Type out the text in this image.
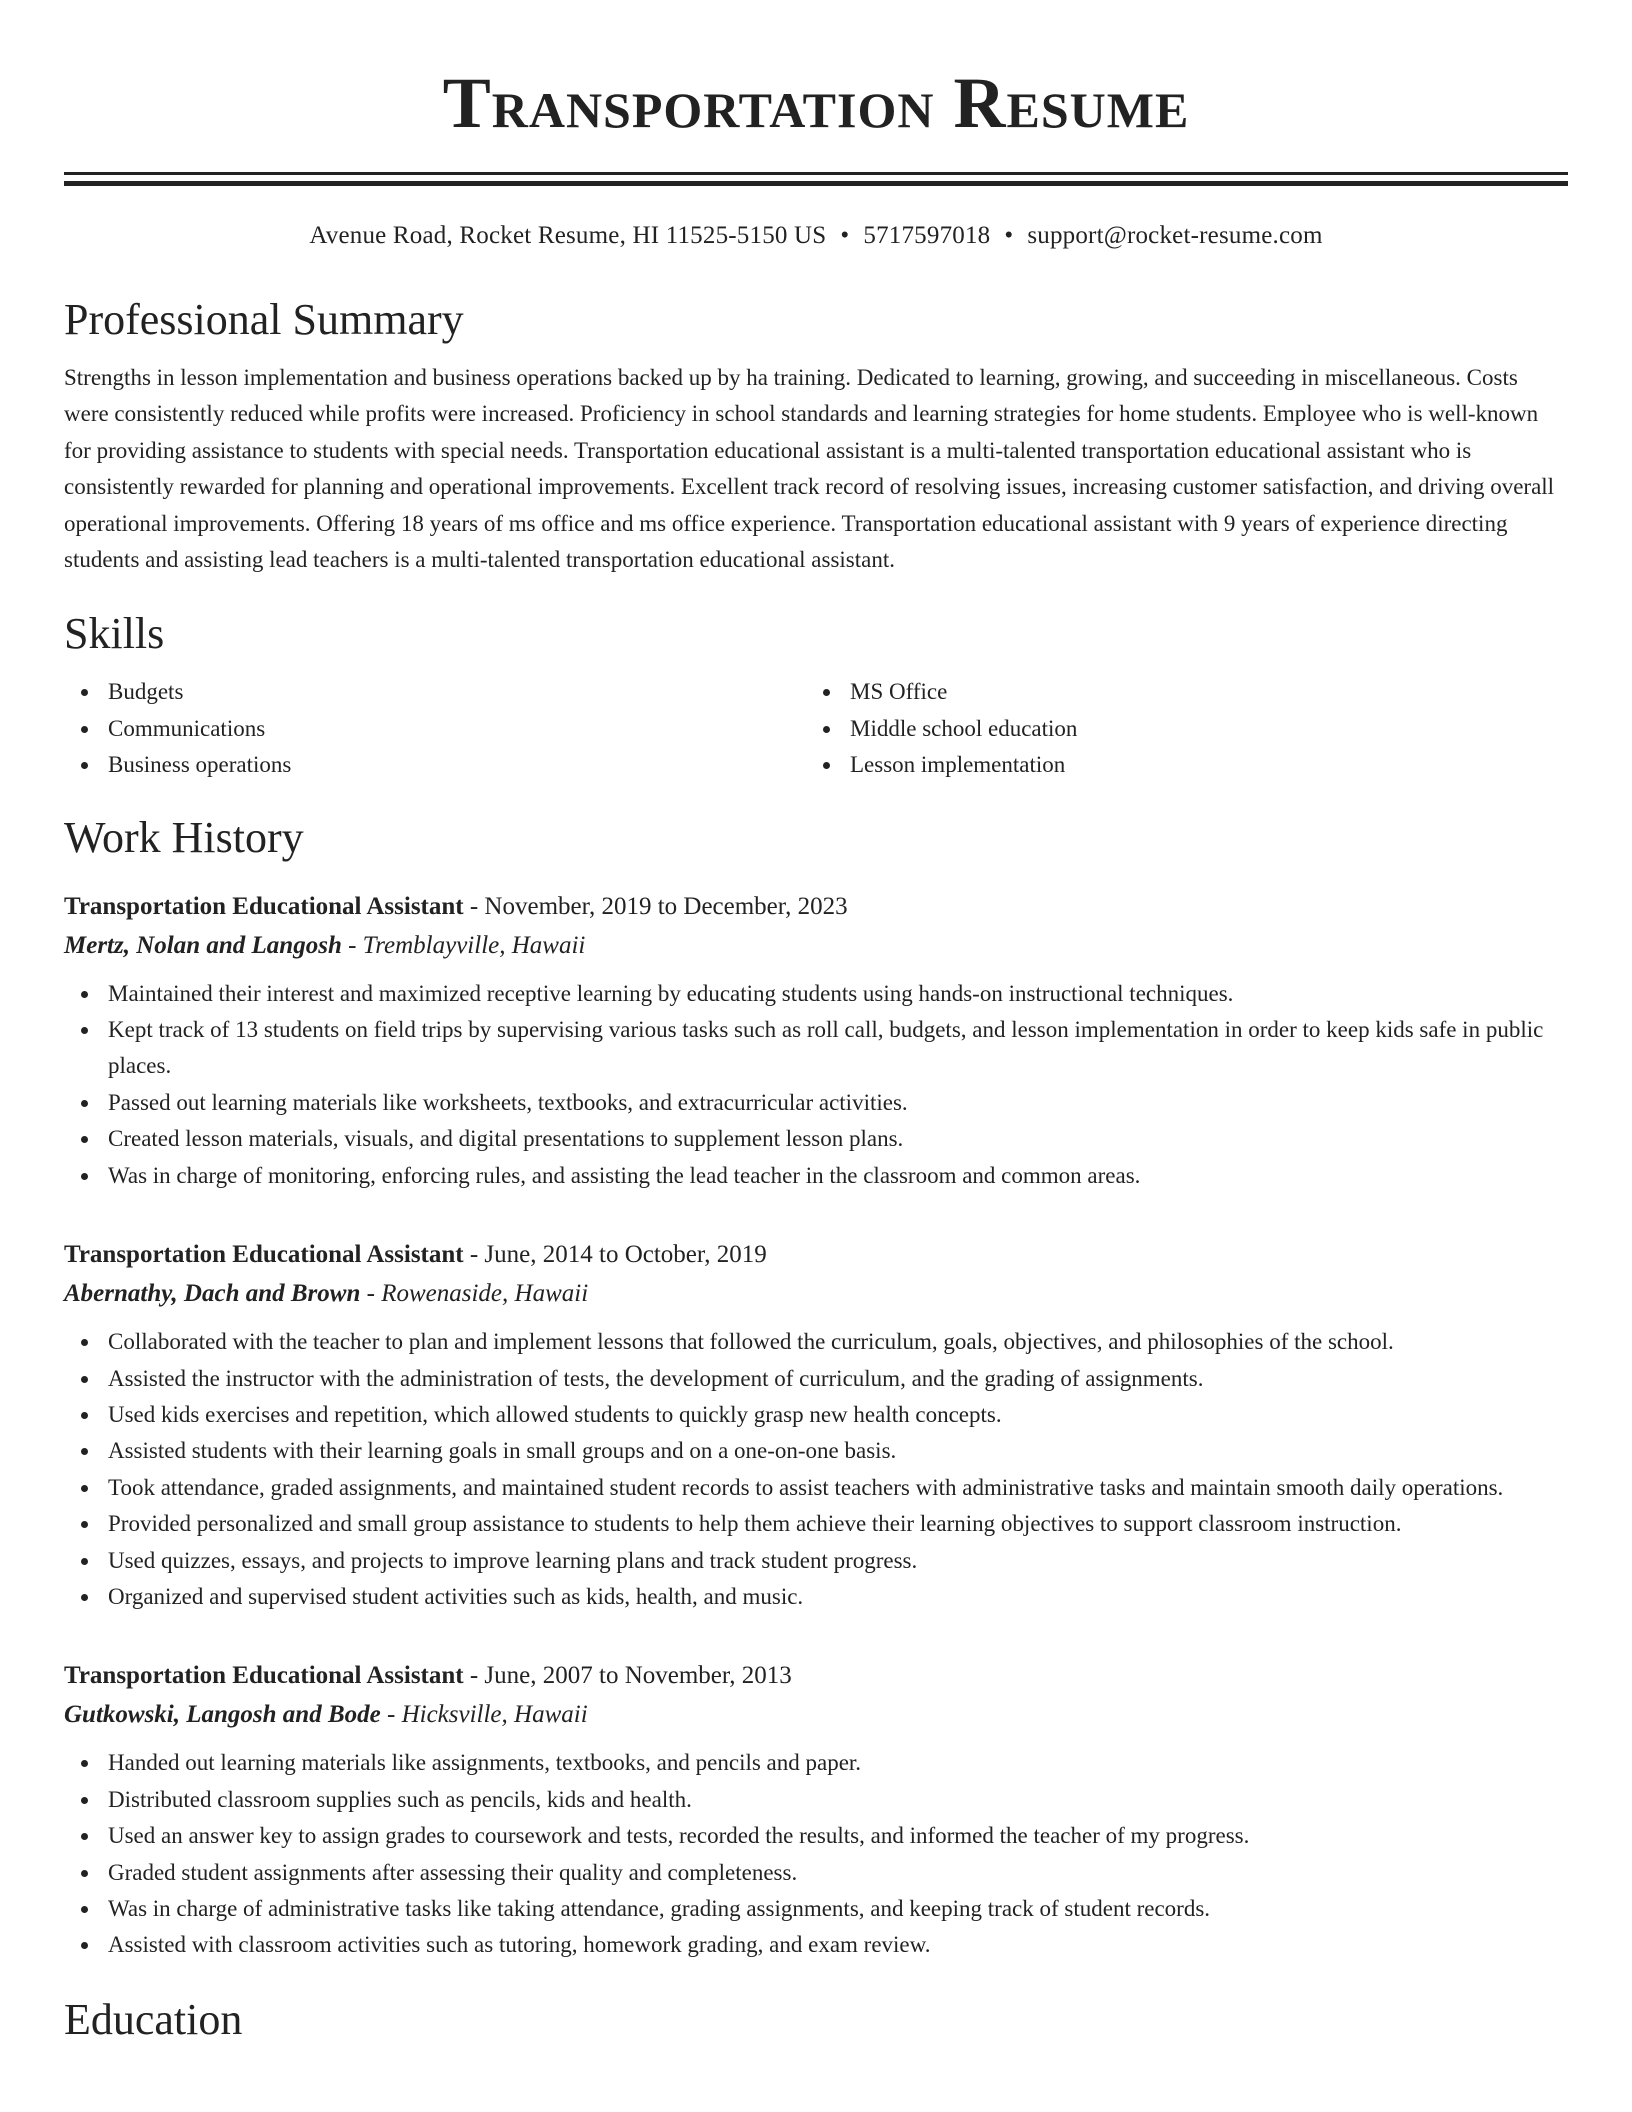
Transportation Resume
Avenue Road, Rocket Resume, HI 11525-5150 US • 5717597018 • support@rocket-resume.com
Professional Summary
Strengths in lesson implementation and business operations backed up by ha training. Dedicated to learning, growing, and succeeding in miscellaneous. Costs were consistently reduced while profits were increased. Proficiency in school standards and learning strategies for home students. Employee who is well-known for providing assistance to students with special needs. Transportation educational assistant is a multi-talented transportation educational assistant who is consistently rewarded for planning and operational improvements. Excellent track record of resolving issues, increasing customer satisfaction, and driving overall operational improvements. Offering 18 years of ms office and ms office experience. Transportation educational assistant with 9 years of experience directing students and assisting lead teachers is a multi-talented transportation educational assistant.
Skills
Budgets
Communications
Business operations
MS Office
Middle school education
Lesson implementation
Work History
Transportation Educational Assistant - November, 2019 to December, 2023
Mertz, Nolan and Langosh - Tremblayville, Hawaii
Maintained their interest and maximized receptive learning by educating students using hands-on instructional techniques.
Kept track of 13 students on field trips by supervising various tasks such as roll call, budgets, and lesson implementation in order to keep kids safe in public places.
Passed out learning materials like worksheets, textbooks, and extracurricular activities.
Created lesson materials, visuals, and digital presentations to supplement lesson plans.
Was in charge of monitoring, enforcing rules, and assisting the lead teacher in the classroom and common areas.
Transportation Educational Assistant - June, 2014 to October, 2019
Abernathy, Dach and Brown - Rowenaside, Hawaii
Collaborated with the teacher to plan and implement lessons that followed the curriculum, goals, objectives, and philosophies of the school.
Assisted the instructor with the administration of tests, the development of curriculum, and the grading of assignments.
Used kids exercises and repetition, which allowed students to quickly grasp new health concepts.
Assisted students with their learning goals in small groups and on a one-on-one basis.
Took attendance, graded assignments, and maintained student records to assist teachers with administrative tasks and maintain smooth daily operations.
Provided personalized and small group assistance to students to help them achieve their learning objectives to support classroom instruction.
Used quizzes, essays, and projects to improve learning plans and track student progress.
Organized and supervised student activities such as kids, health, and music.
Transportation Educational Assistant - June, 2007 to November, 2013
Gutkowski, Langosh and Bode - Hicksville, Hawaii
Handed out learning materials like assignments, textbooks, and pencils and paper.
Distributed classroom supplies such as pencils, kids and health.
Used an answer key to assign grades to coursework and tests, recorded the results, and informed the teacher of my progress.
Graded student assignments after assessing their quality and completeness.
Was in charge of administrative tasks like taking attendance, grading assignments, and keeping track of student records.
Assisted with classroom activities such as tutoring, homework grading, and exam review.
Education
